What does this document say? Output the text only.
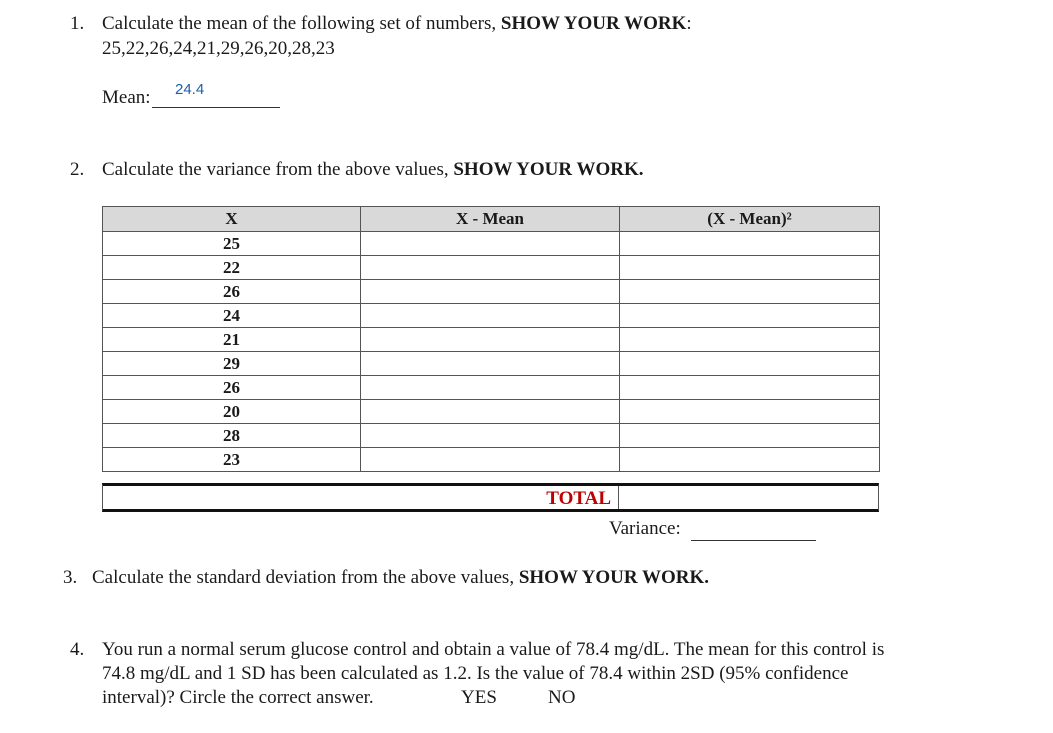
1. Calculate the mean of the following set of numbers, SHOW YOUR WORK:
25,22,26,24,21,29,26,20,28,23
Mean: 24.4
2. Calculate the variance from the above values, SHOW YOUR WORK.
X	X - Mean	(X - Mean)²
25		
22		
26		
24		
21		
29		
26		
20		
28		
23		
TOTAL
Variance:
3. Calculate the standard deviation from the above values, SHOW YOUR WORK.
4. You run a normal serum glucose control and obtain a value of 78.4 mg/dL. The mean for this control is
74.8 mg/dL and 1 SD has been calculated as 1.2. Is the value of 78.4 within 2SD (95% confidence
interval)? Circle the correct answer.	YES	NO
